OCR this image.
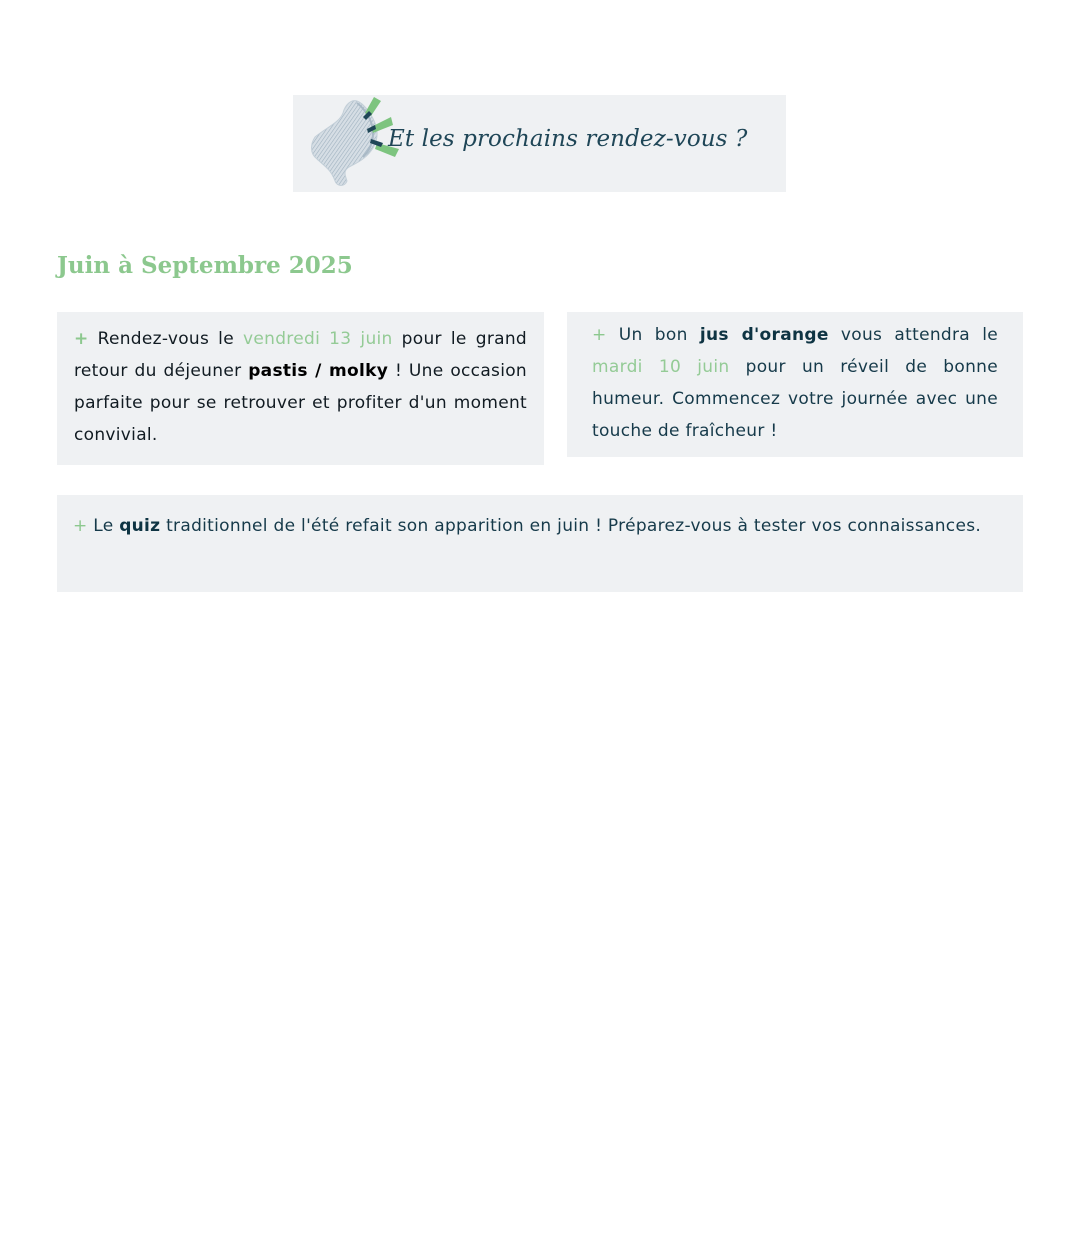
Et les prochains rendez-vous ?
Juin à Septembre 2025
+ Rendez-vous le vendredi 13 juin pour le grand retour du déjeuner pastis / molky ! Une occasion parfaite pour se retrouver et profiter d'un moment convivial.
+ Un bon jus d'orange vous attendra le mardi 10 juin pour un réveil de bonne humeur. Commencez votre journée avec une touche de fraîcheur !
+ Le quiz traditionnel de l'été refait son apparition en juin ! Préparez-vous à tester vos connaissances.
